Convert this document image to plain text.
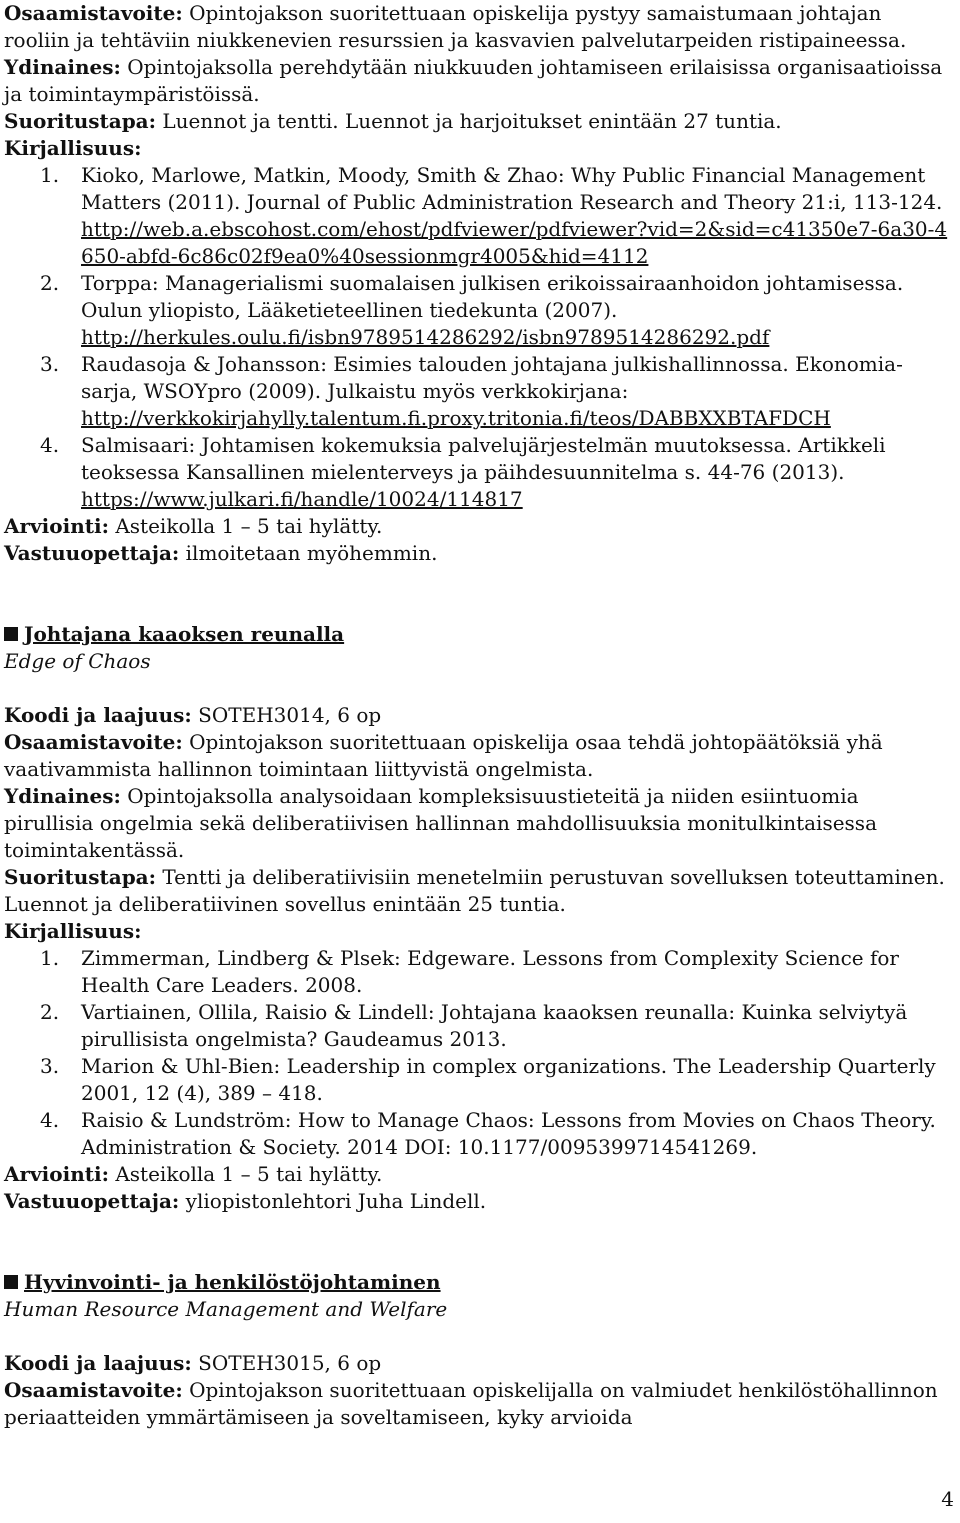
Osaamistavoite: Opintojakson suoritettuaan opiskelija pystyy samaistumaan johtajan rooliin ja tehtäviin niukkenevien resurssien ja kasvavien palvelutarpeiden ristipaineessa.

Ydinaines: Opintojaksolla perehdytään niukkuuden johtamiseen erilaisissa organisaatioissa ja toimintaympäristöissä.

Suoritustapa: Luennot ja tentti. Luennot ja harjoitukset enintään 27 tuntia.

Kirjallisuus:

1. Kioko, Marlowe, Matkin, Moody, Smith & Zhao: Why Public Financial Management Matters (2011). Journal of Public Administration Research and Theory 21:i, 113-124. http://web.a.ebscohost.com/ehost/pdfviewer/pdfviewer?vid=2&sid=c41350e7-6a30-4650-abfd-6c86c02f9ea0%40sessionmgr4005&hid=4112
2. Torppa: Managerialismi suomalaisen julkisen erikoissairaanhoidon johtamisessa. Oulun yliopisto, Lääketieteellinen tiedekunta (2007). http://herkules.oulu.fi/isbn9789514286292/isbn9789514286292.pdf
3. Raudasoja & Johansson: Esimies talouden johtajana julkishallinnossa. Ekonomia-sarja, WSOYpro (2009). Julkaistu myös verkkokirjana: http://verkkokirjahylly.talentum.fi.proxy.tritonia.fi/teos/DABBXXBTAFDCH
4. Salmisaari: Johtamisen kokemuksia palvelujärjestelmän muutoksessa. Artikkeli teoksessa Kansallinen mielenterveys ja päihdesuunnitelma s. 44-76 (2013). https://www.julkari.fi/handle/10024/114817

Arviointi: Asteikolla 1 – 5 tai hylätty.

Vastuuopettaja: ilmoitetaan myöhemmin.

Johtajana kaaoksen reunalla

Edge of Chaos

Koodi ja laajuus: SOTEH3014, 6 op

Osaamistavoite: Opintojakson suoritettuaan opiskelija osaa tehdä johtopäätöksiä yhä vaativammista hallinnon toimintaan liittyvistä ongelmista.

Ydinaines: Opintojaksolla analysoidaan kompleksisuustieteitä ja niiden esiintuomia pirullisia ongelmia sekä deliberatiivisen hallinnan mahdollisuuksia monitulkintaisessa toimintakentässä.

Suoritustapa: Tentti ja deliberatiivisiin menetelmiin perustuvan sovelluksen toteuttaminen. Luennot ja deliberatiivinen sovellus enintään 25 tuntia.

Kirjallisuus:

1. Zimmerman, Lindberg & Plsek: Edgeware. Lessons from Complexity Science for Health Care Leaders. 2008.
2. Vartiainen, Ollila, Raisio & Lindell: Johtajana kaaoksen reunalla: Kuinka selviytyä pirullisista ongelmista? Gaudeamus 2013.
3. Marion & Uhl-Bien: Leadership in complex organizations. The Leadership Quarterly 2001, 12 (4), 389 – 418.
4. Raisio & Lundström: How to Manage Chaos: Lessons from Movies on Chaos Theory. Administration & Society. 2014 DOI: 10.1177/0095399714541269.

Arviointi: Asteikolla 1 – 5 tai hylätty.

Vastuuopettaja: yliopistonlehtori Juha Lindell.

Hyvinvointi- ja henkilöstöjohtaminen

Human Resource Management and Welfare

Koodi ja laajuus: SOTEH3015, 6 op

Osaamistavoite: Opintojakson suoritettuaan opiskelijalla on valmiudet henkilöstöhallinnon periaatteiden ymmärtämiseen ja soveltamiseen, kyky arvioida

4
